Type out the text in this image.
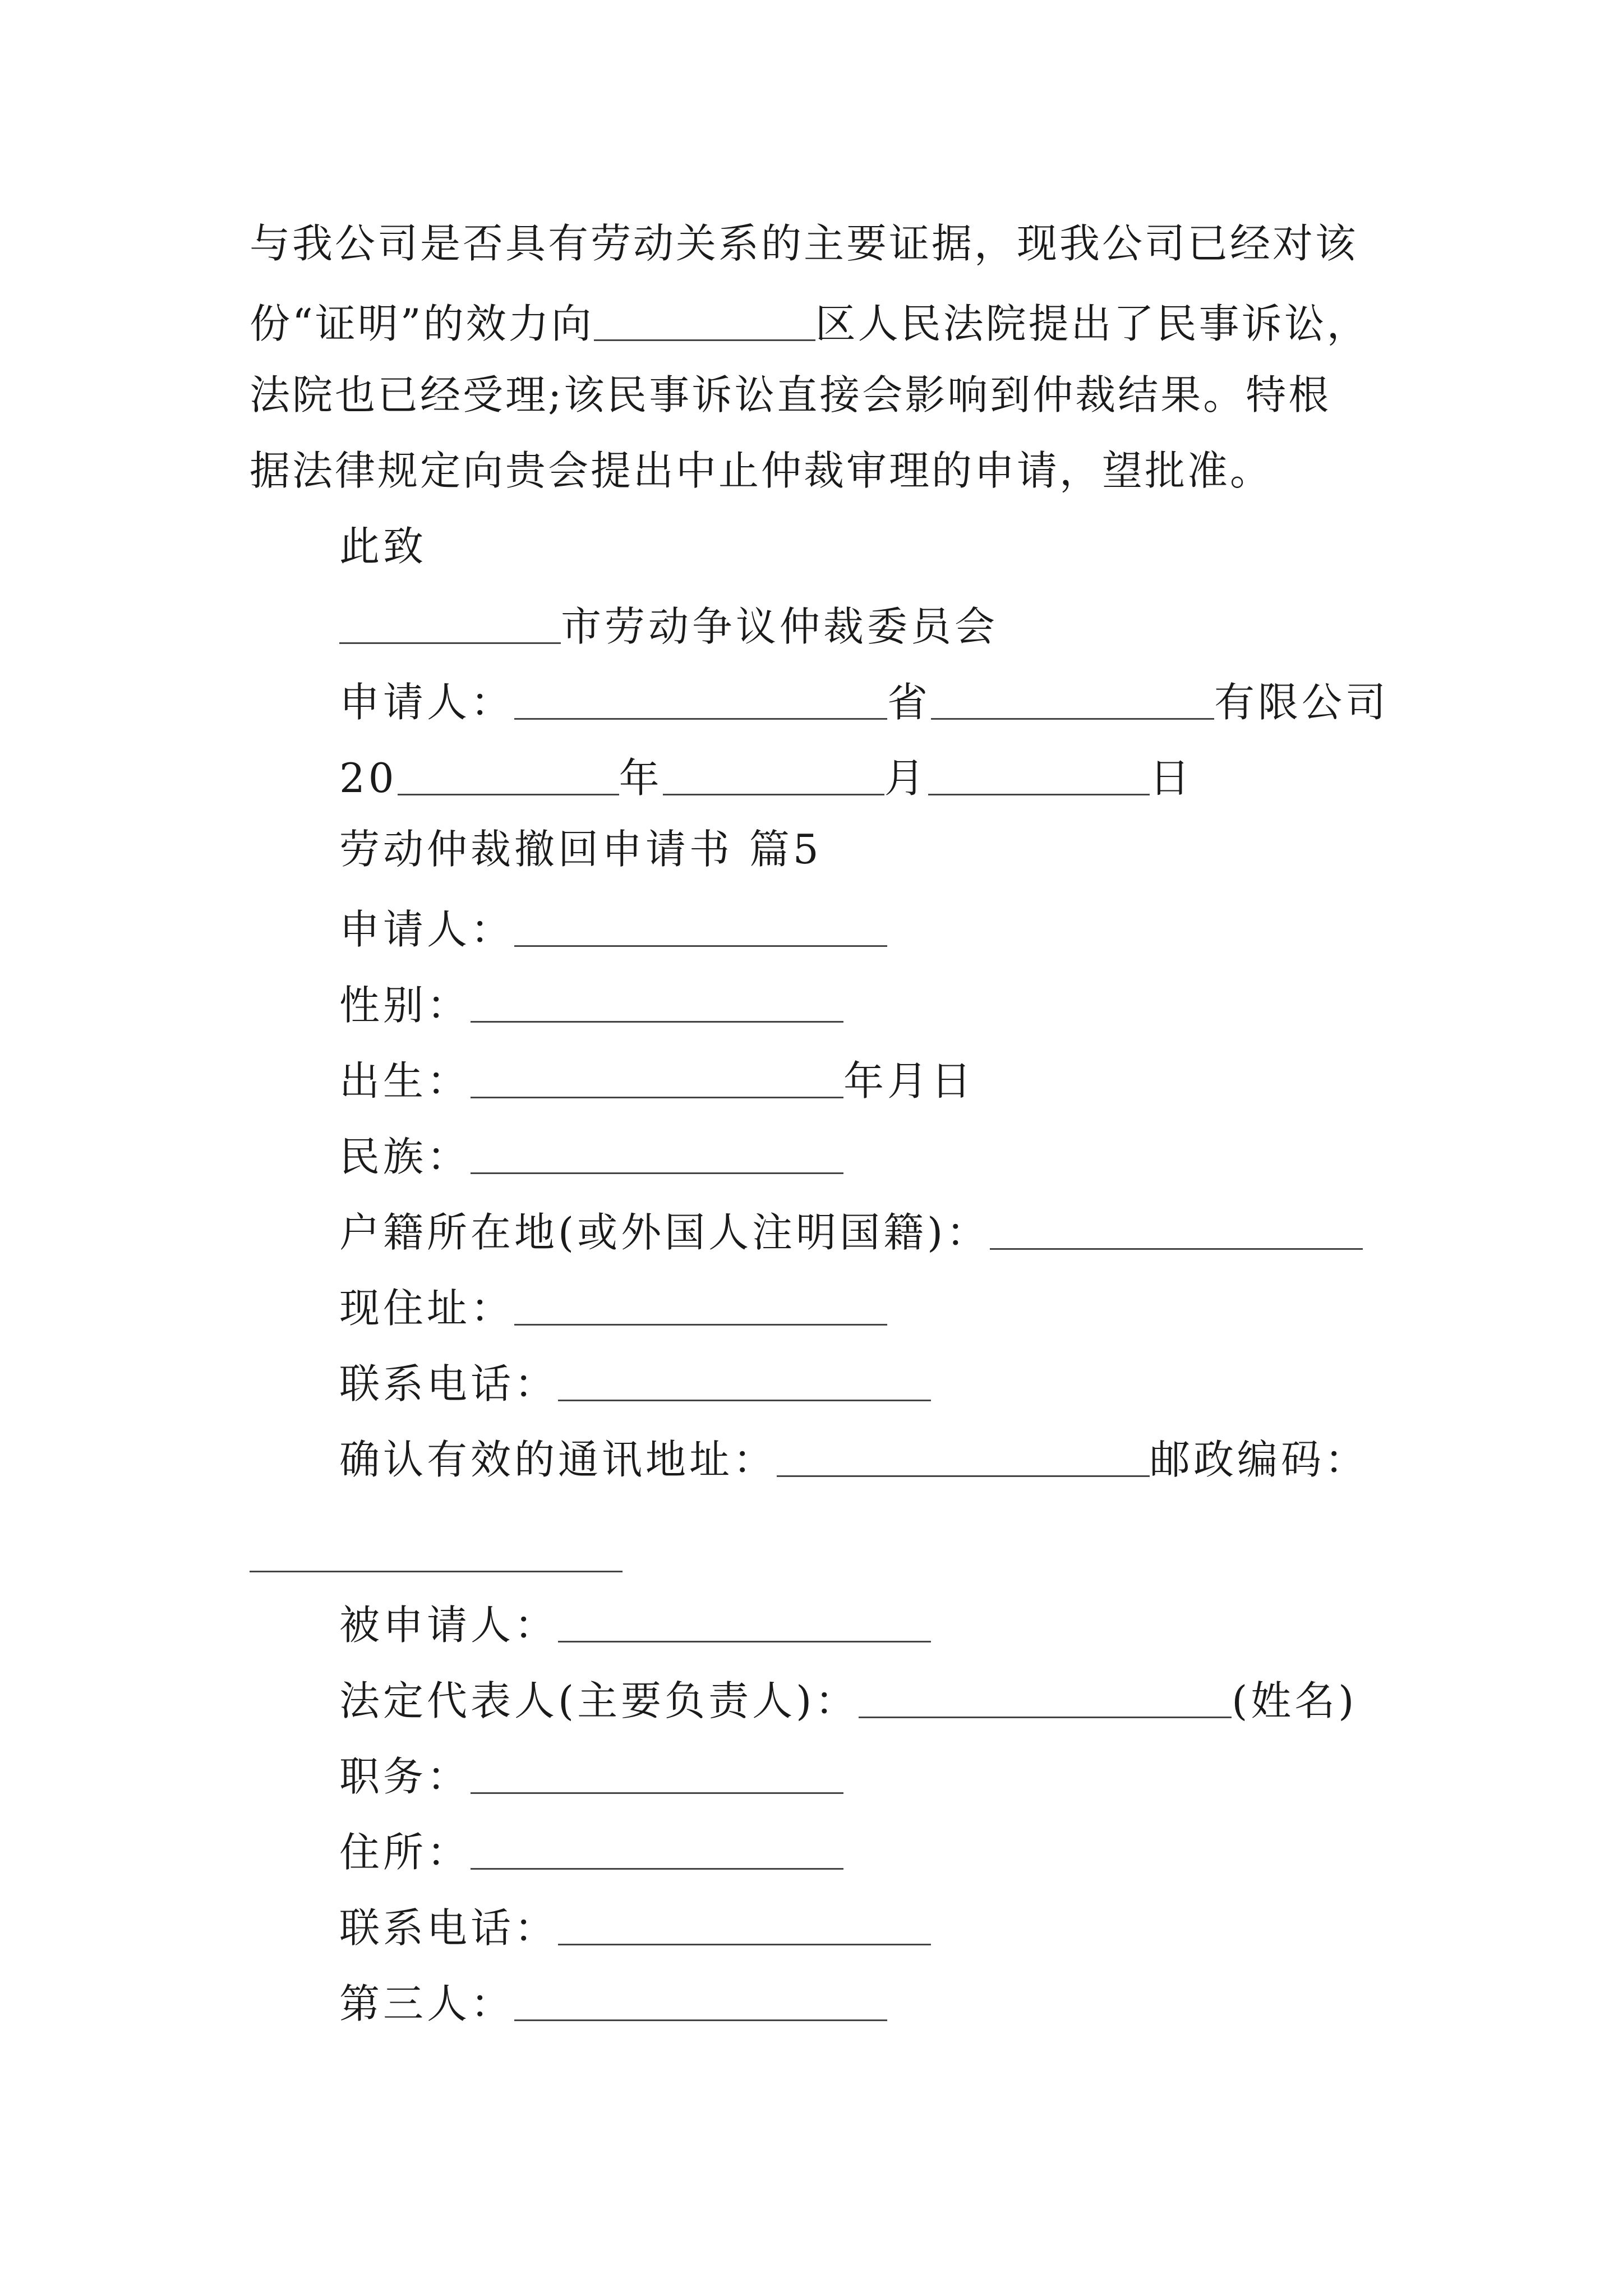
与我公司是否具有劳动关系的主要证据，现我公司已经对该
份“证明”的效力向	区人民法院提出了民事诉讼，
法院也已经受理;该民事诉讼直接会影响到仲裁结果。特根
据法律规定向贵会提出中止仲裁审理的申请，望批准。
此致
市劳动争议仲裁委员会
申请人：	省	有限公司
20	年	月	日
劳动仲裁撤回申请书 篇5
申请人：
性别：
出生：	年月日
民族：
户籍所在地(或外国人注明国籍)：
现住址：
联系电话：
确认有效的通讯地址：	邮政编码：
被申请人：
法定代表人(主要负责人)：	(姓名)
职务：
住所：
联系电话：
第三人：
